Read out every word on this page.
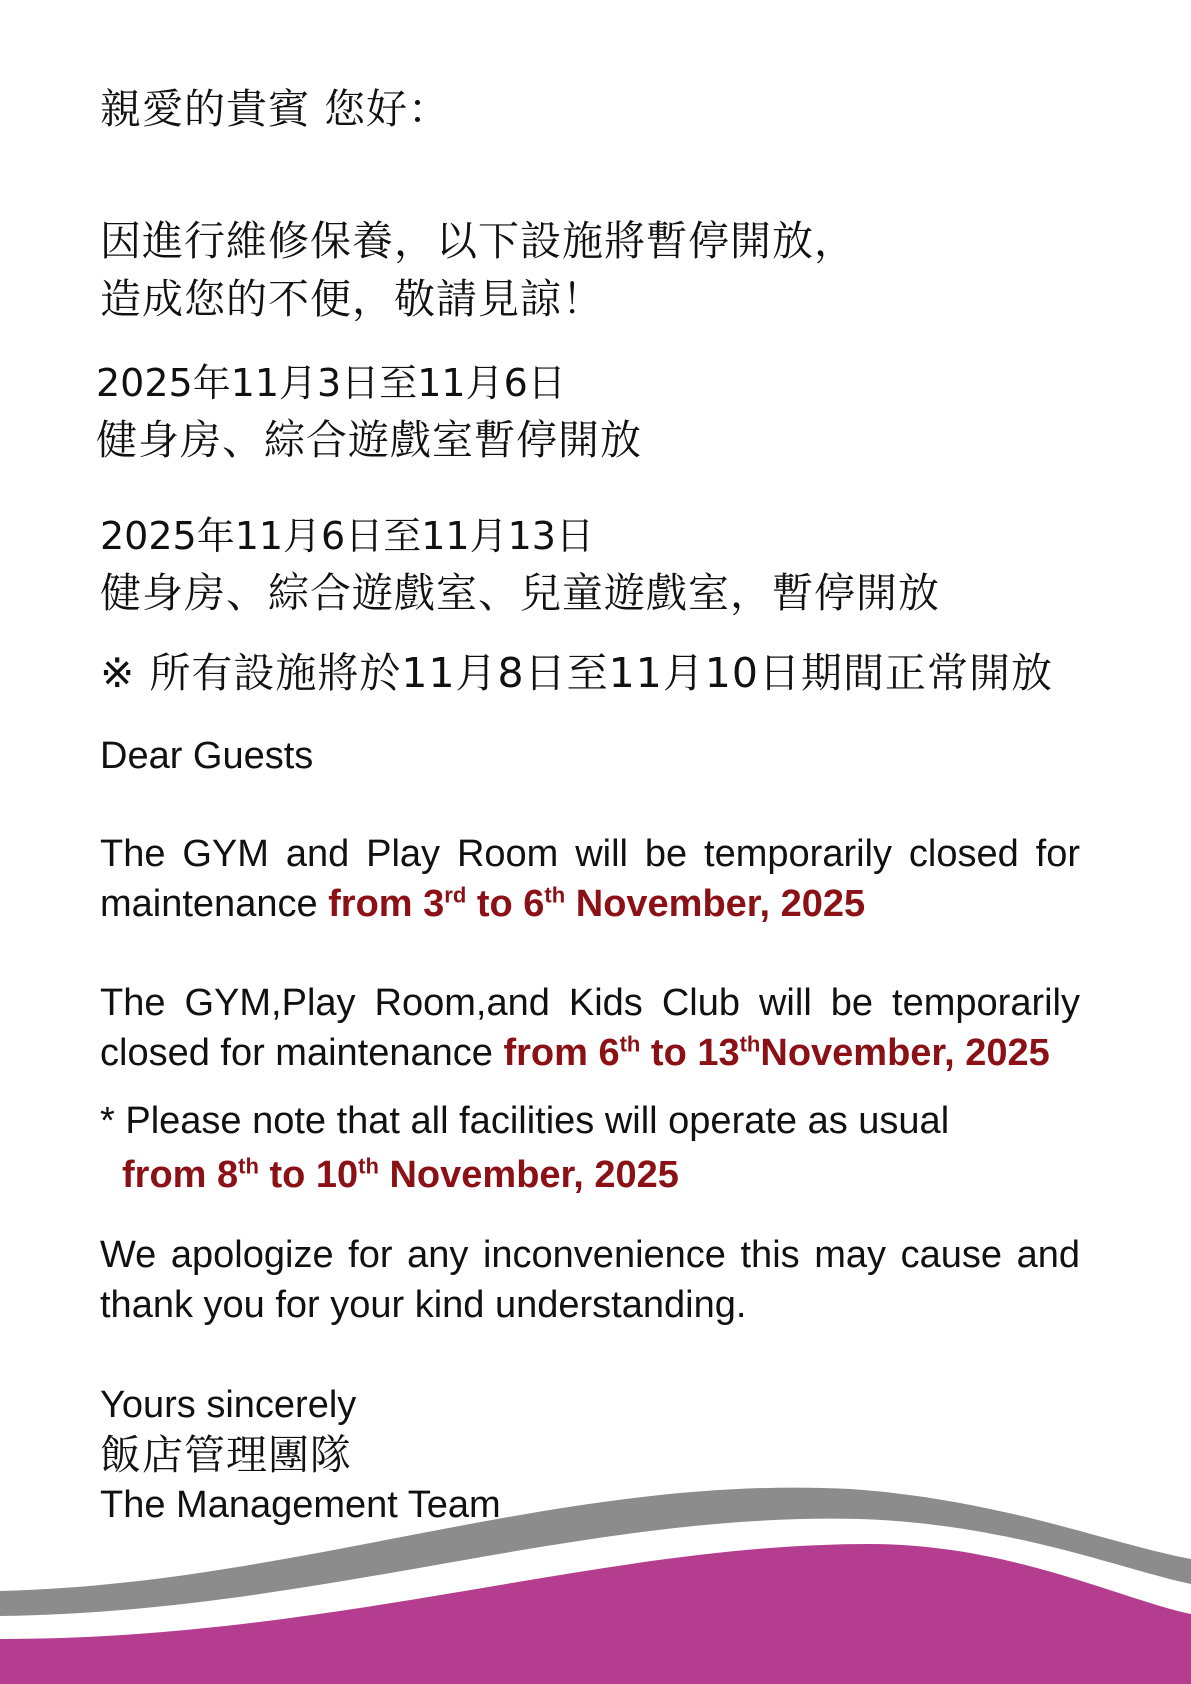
親愛的貴賓 您好：

因進行維修保養，以下設施將暫停開放，
造成您的不便，敬請見諒！
2025年11月3日至11月6日
健身房、綜合遊戲室暫停開放
2025年11月6日至11月13日
健身房、綜合遊戲室、兒童遊戲室，暫停開放

※ 所有設施將於11月8日至11月10日期間正常開放

Dear Guests

The GYM and Play Room will be temporarily closed for maintenance from 3rd to 6th November, 2025

The GYM,Play Room,and Kids Club will be temporarily closed for maintenance from 6th to 13thNovember, 2025

* Please note that all facilities will operate as usual
from 8th to 10th November, 2025

We apologize for any inconvenience this may cause and thank you for your kind understanding.

Yours sincerely
飯店管理團隊
The Management Team
